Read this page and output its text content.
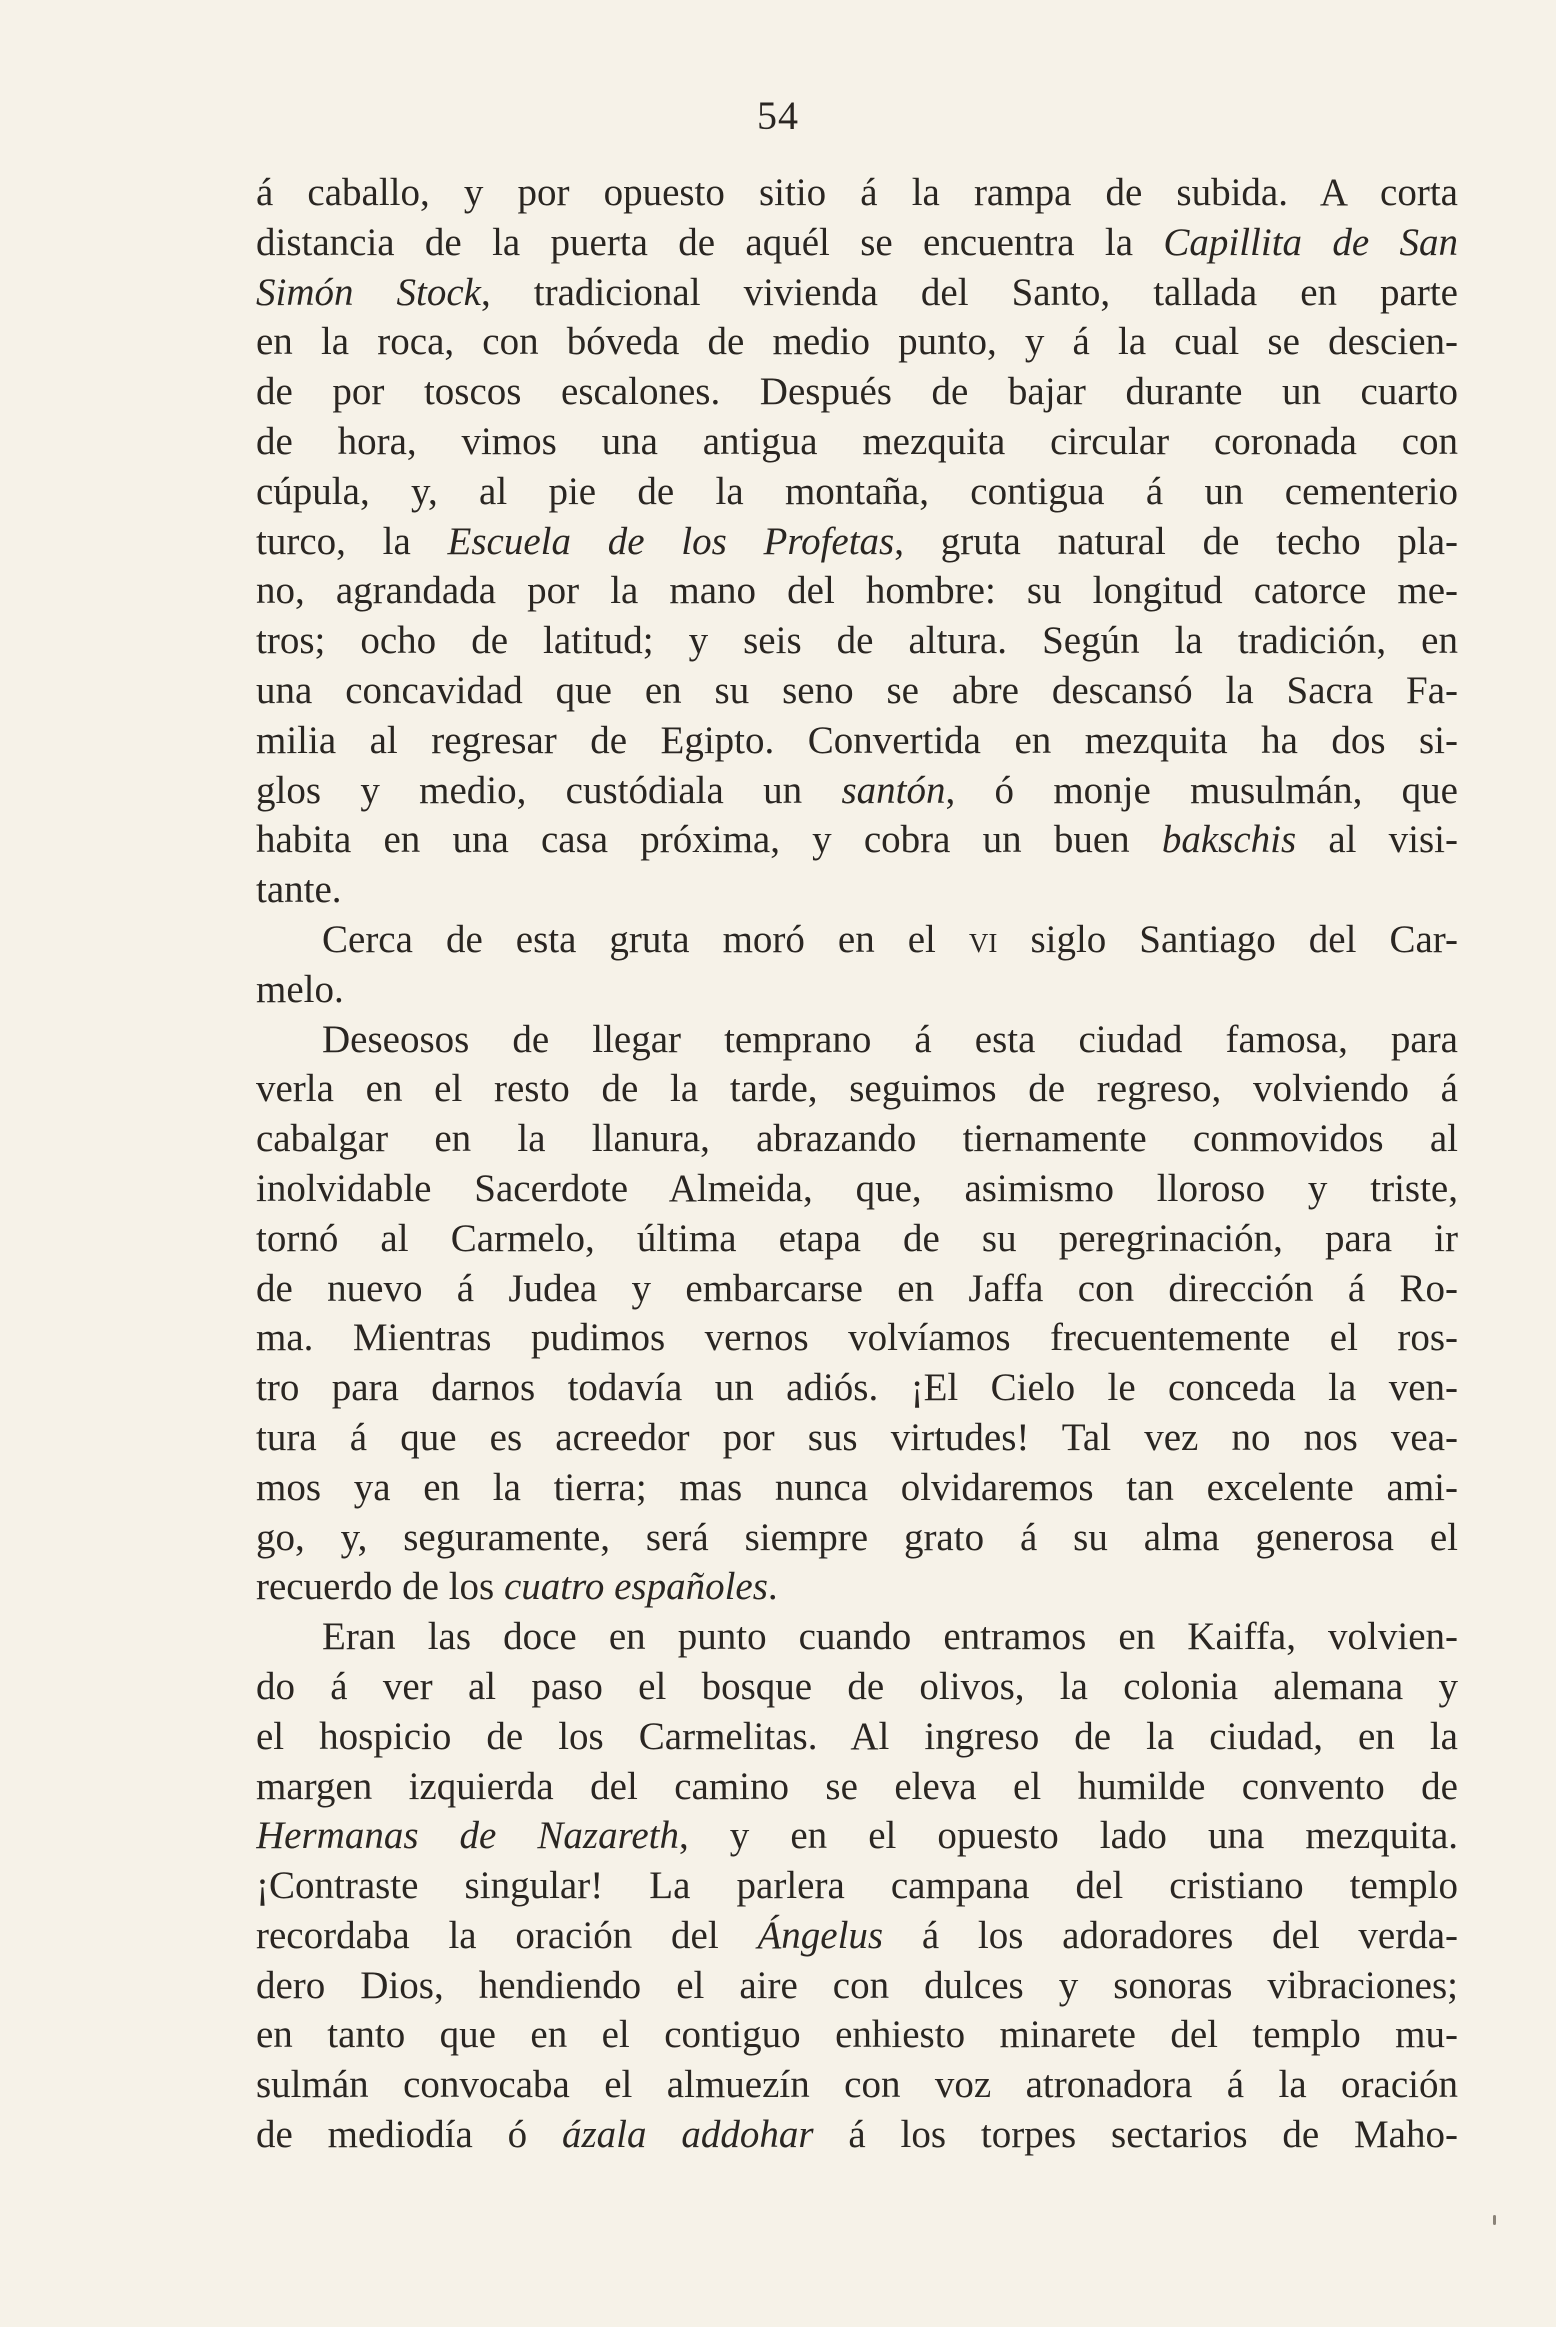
54
á caballo, y por opuesto sitio á la rampa de subida. A corta
distancia de la puerta de aquél se encuentra la Capillita de San
Simón Stock, tradicional vivienda del Santo, tallada en parte
en la roca, con bóveda de medio punto, y á la cual se descien-
de por toscos escalones. Después de bajar durante un cuarto
de hora, vimos una antigua mezquita circular coronada con
cúpula, y, al pie de la montaña, contigua á un cementerio
turco, la Escuela de los Profetas, gruta natural de techo pla-
no, agrandada por la mano del hombre: su longitud catorce me-
tros; ocho de latitud; y seis de altura. Según la tradición, en
una concavidad que en su seno se abre descansó la Sacra Fa-
milia al regresar de Egipto. Convertida en mezquita ha dos si-
glos y medio, custódiala un santón, ó monje musulmán, que
habita en una casa próxima, y cobra un buen bakschis al visi-
tante.
Cerca de esta gruta moró en el vi siglo Santiago del Car-
melo.
Deseosos de llegar temprano á esta ciudad famosa, para
verla en el resto de la tarde, seguimos de regreso, volviendo á
cabalgar en la llanura, abrazando tiernamente conmovidos al
inolvidable Sacerdote Almeida, que, asimismo lloroso y triste,
tornó al Carmelo, última etapa de su peregrinación, para ir
de nuevo á Judea y embarcarse en Jaffa con dirección á Ro-
ma. Mientras pudimos vernos volvíamos frecuentemente el ros-
tro para darnos todavía un adiós. ¡El Cielo le conceda la ven-
tura á que es acreedor por sus virtudes! Tal vez no nos vea-
mos ya en la tierra; mas nunca olvidaremos tan excelente ami-
go, y, seguramente, será siempre grato á su alma generosa el
recuerdo de los cuatro españoles.
Eran las doce en punto cuando entramos en Kaiffa, volvien-
do á ver al paso el bosque de olivos, la colonia alemana y
el hospicio de los Carmelitas. Al ingreso de la ciudad, en la
margen izquierda del camino se eleva el humilde convento de
Hermanas de Nazareth, y en el opuesto lado una mezquita.
¡Contraste singular! La parlera campana del cristiano templo
recordaba la oración del Ángelus á los adoradores del verda-
dero Dios, hendiendo el aire con dulces y sonoras vibraciones;
en tanto que en el contiguo enhiesto minarete del templo mu-
sulmán convocaba el almuezín con voz atronadora á la oración
de mediodía ó ázala addohar á los torpes sectarios de Maho-
